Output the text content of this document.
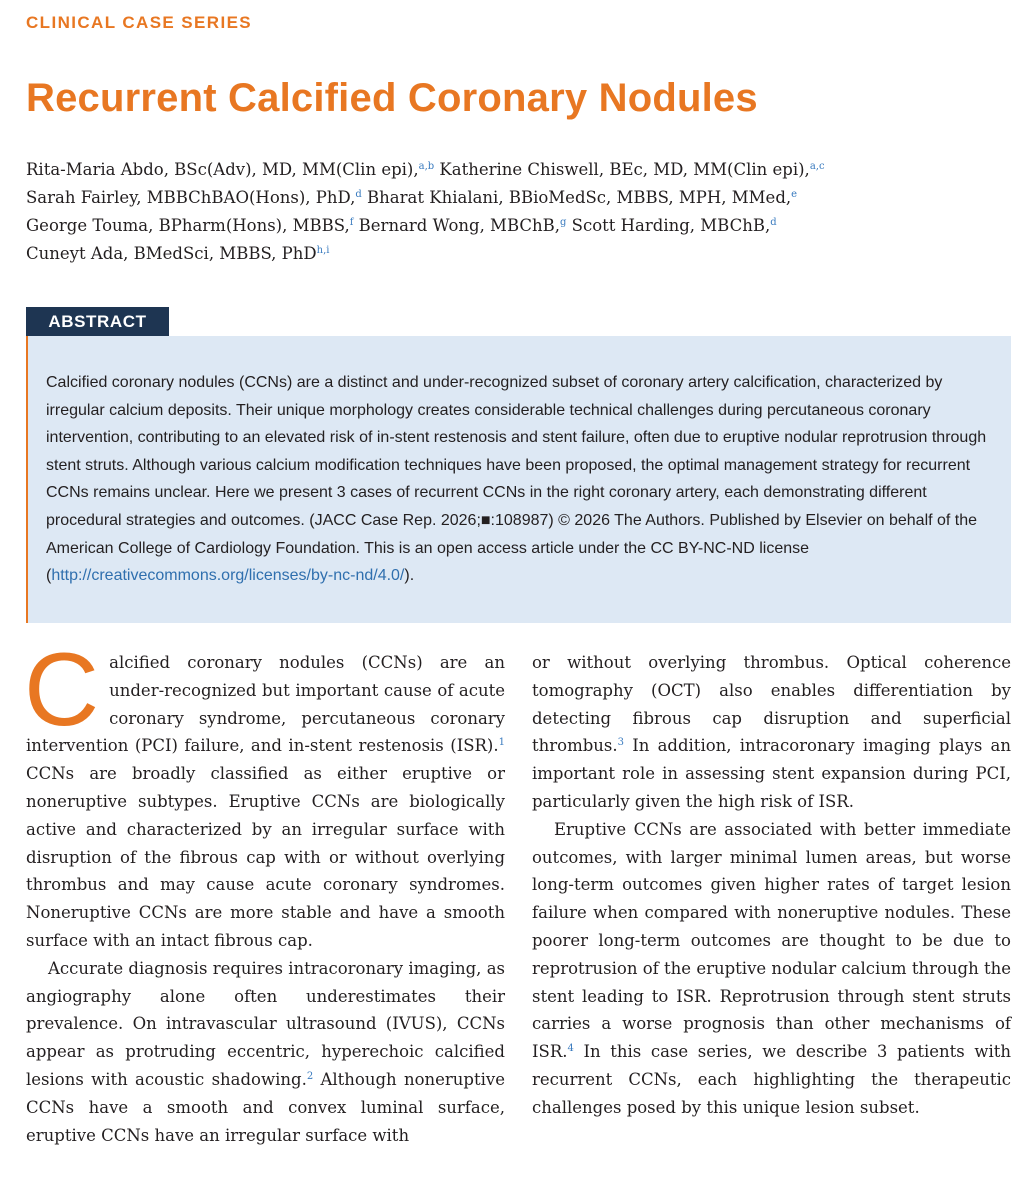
CLINICAL CASE SERIES
Recurrent Calcified Coronary Nodules
Rita-Maria Abdo, BSc(Adv), MD, MM(Clin epi),$^{a,b}$ Katherine Chiswell, BEc, MD, MM(Clin epi),$^{a,c}$
Sarah Fairley, MBBChBAO(Hons), PhD,$^d$ Bharat Khialani, BBioMedSc, MBBS, MPH, MMed,$^e$
George Touma, BPharm(Hons), MBBS,$^f$ Bernard Wong, MBChB,$^g$ Scott Harding, MBChB,$^d$
Cuneyt Ada, BMedSci, MBBS, PhD$^{h,i}$
ABSTRACT

Calcified coronary nodules (CCNs) are a distinct and under-recognized subset of coronary artery calcification, characterized by irregular calcium deposits. Their unique morphology creates considerable technical challenges during percutaneous coronary intervention, contributing to an elevated risk of in-stent restenosis and stent failure, often due to eruptive nodular reprotrusion through stent struts. Although various calcium modification techniques have been proposed, the optimal management strategy for recurrent CCNs remains unclear. Here we present 3 cases of recurrent CCNs in the right coronary artery, each demonstrating different procedural strategies and outcomes. (JACC Case Rep. 2026;■:108987) © 2026 The Authors. Published by Elsevier on behalf of the American College of Cardiology Foundation. This is an open access article under the CC BY-NC-ND license (http://creativecommons.org/licenses/by-nc-nd/4.0/).

Calcified coronary nodules (CCNs) are an under-recognized but important cause of acute coronary syndrome, percutaneous coronary intervention (PCI) failure, and in-stent restenosis (ISR).$^1$ CCNs are broadly classified as either eruptive or noneruptive subtypes. Eruptive CCNs are biologically active and characterized by an irregular surface with disruption of the fibrous cap with or without overlying thrombus and may cause acute coronary syndromes. Noneruptive CCNs are more stable and have a smooth surface with an intact fibrous cap.

Accurate diagnosis requires intracoronary imaging, as angiography alone often underestimates their prevalence. On intravascular ultrasound (IVUS), CCNs appear as protruding eccentric, hyperechoic calcified lesions with acoustic shadowing.$^2$ Although noneruptive CCNs have a smooth and convex luminal surface, eruptive CCNs have an irregular surface with

or without overlying thrombus. Optical coherence tomography (OCT) also enables differentiation by detecting fibrous cap disruption and superficial thrombus.$^3$ In addition, intracoronary imaging plays an important role in assessing stent expansion during PCI, particularly given the high risk of ISR.

Eruptive CCNs are associated with better immediate outcomes, with larger minimal lumen areas, but worse long-term outcomes given higher rates of target lesion failure when compared with noneruptive nodules. These poorer long-term outcomes are thought to be due to reprotrusion of the eruptive nodular calcium through the stent leading to ISR. Reprotrusion through stent struts carries a worse prognosis than other mechanisms of ISR.$^4$ In this case series, we describe 3 patients with recurrent CCNs, each highlighting the therapeutic challenges posed by this unique lesion subset.
